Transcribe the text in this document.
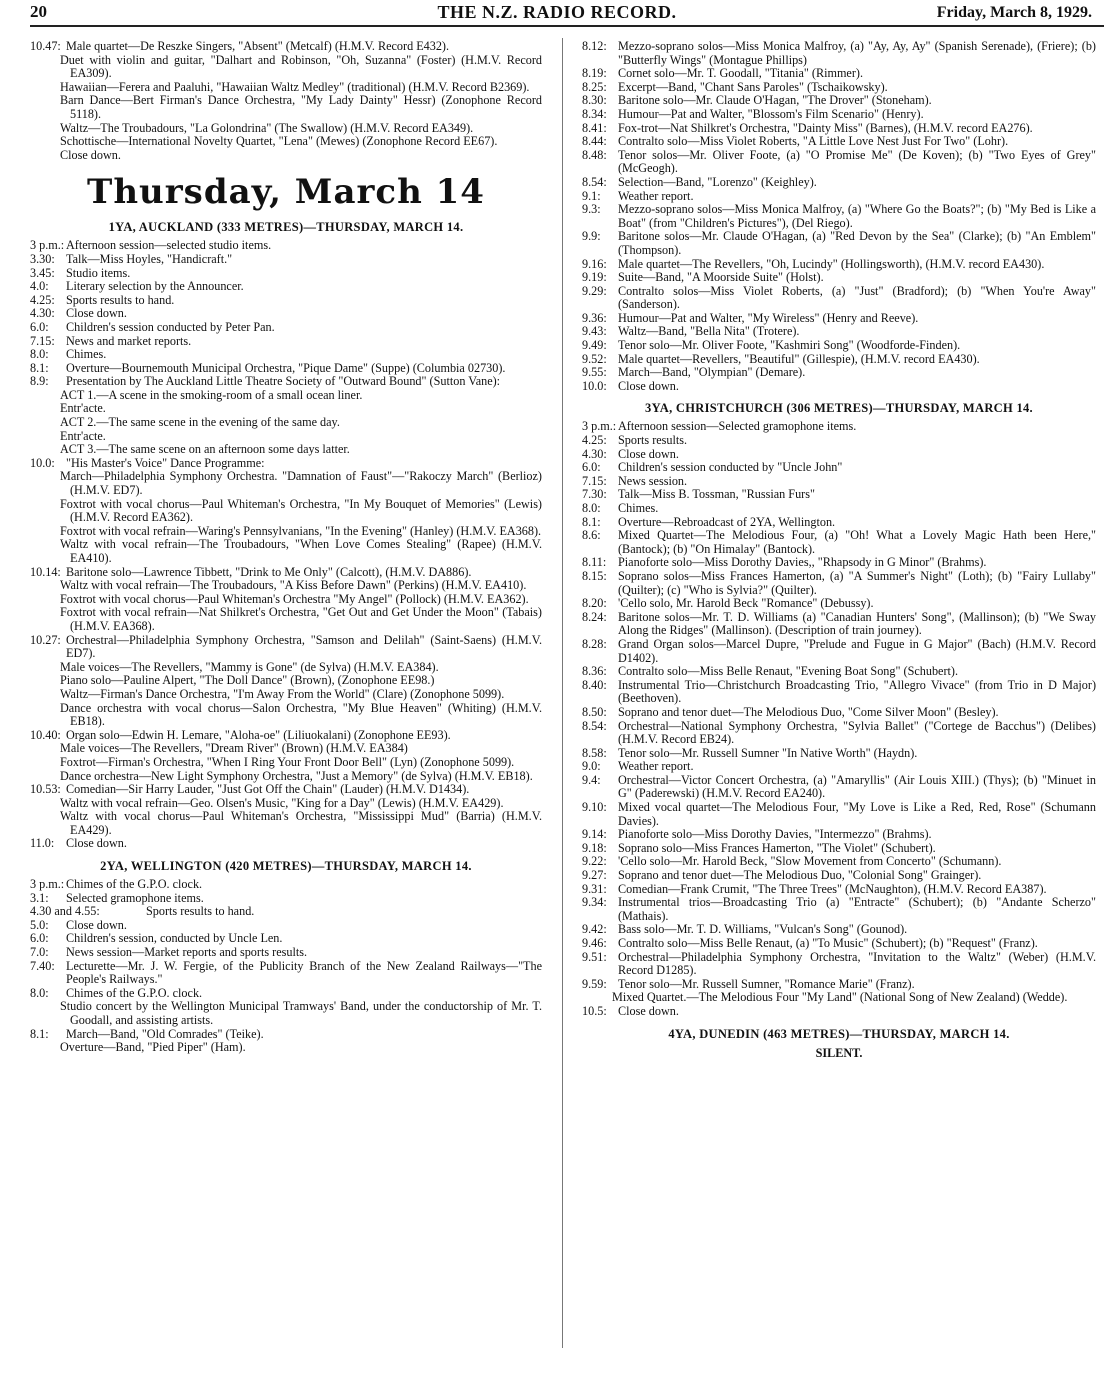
20	THE N.Z. RADIO RECORD.	Friday, March 8, 1929.
10.47: Male quartet—De Reszke Singers, "Absent" (Metcalf) (H.M.V. Record E432).
Duet with violin and guitar, "Dalhart and Robinson, "Oh, Suzanna" (Foster) (H.M.V. Record EA309).
Hawaiian—Ferera and Paaluhi, "Hawaiian Waltz Medley" (traditional) (H.M.V. Record B2369).
Barn Dance—Bert Firman's Dance Orchestra, "My Lady Dainty" Hessr) (Zonophone Record 5118).
Waltz—The Troubadours, "La Golondrina" (The Swallow) (H.M.V. Record EA349).
Schottische—International Novelty Quartet, "Lena" (Mewes) (Zonophone Record EE67).
Close down.
Thursday, March 14
1YA, AUCKLAND (333 METRES)—THURSDAY, MARCH 14.
3 p.m.: Afternoon session—selected studio items.
3.30: Talk—Miss Hoyles, "Handicraft."
3.45: Studio items.
4.0:	Literary selection by the Announcer.
4.25: Sports results to hand.
4.30: Close down.
6.0:	Children's session conducted by Peter Pan.
7.15: News and market reports.
8.0:	Chimes.
8.1:	Overture—Bournemouth Municipal Orchestra, "Pique Dame" (Suppe) (Columbia 02730).
8.9:	Presentation by The Auckland Little Theatre Society of "Outward Bound" (Sutton Vane):
ACT 1.—A scene in the smoking-room of a small ocean liner.
Entr'acte.
ACT 2.—The same scene in the evening of the same day.
Entr'acte.
ACT 3.—The same scene on an afternoon some days latter.
10.0: "His Master's Voice" Dance Programme:
March—Philadelphia Symphony Orchestra. "Damnation of Faust"—"Rakoczy March" (Berlioz) (H.M.V. ED7).
Foxtrot with vocal chorus—Paul Whiteman's Orchestra, "In My Bouquet of Memories" (Lewis) (H.M.V. Record EA362).
Foxtrot with vocal refrain—Waring's Pennsylvanians, "In the Evening" (Hanley) (H.M.V. EA368).
Waltz with vocal refrain—The Troubadours, "When Love Comes Stealing" (Rapee) (H.M.V. EA410).
10.14: Baritone solo—Lawrence Tibbett, "Drink to Me Only" (Calcott), (H.M.V. DA886).
Waltz with vocal refrain—The Troubadours, "A Kiss Before Dawn" (Perkins) (H.M.V. EA410).
Foxtrot with vocal chorus—Paul Whiteman's Orchestra "My Angel" (Pollock) (H.M.V. EA362).
Foxtrot with vocal refrain—Nat Shilkret's Orchestra, "Get Out and Get Under the Moon" (Tabais) (H.M.V. EA368).
10.27: Orchestral—Philadelphia Symphony Orchestra, "Samson and Delilah" (Saint-Saens) (H.M.V. ED7).
Male voices—The Revellers, "Mammy is Gone" (de Sylva) (H.M.V. EA384).
Piano solo—Pauline Alpert, "The Doll Dance" (Brown), (Zonophone EE98.)
Waltz—Firman's Dance Orchestra, "I'm Away From the World" (Clare) (Zonophone 5099).
Dance orchestra with vocal chorus—Salon Orchestra, "My Blue Heaven" (Whiting) (H.M.V. EB18).
10.40: Organ solo—Edwin H. Lemare, "Aloha-oe" (Liliuokalani) (Zonophone EE93).
Male voices—The Revellers, "Dream River" (Brown) (H.M.V. EA384)
Foxtrot—Firman's Orchestra, "When I Ring Your Front Door Bell" (Lyn) (Zonophone 5099).
Dance orchestra—New Light Symphony Orchestra, "Just a Memory" (de Sylva) (H.M.V. EB18).
10.53: Comedian—Sir Harry Lauder, "Just Got Off the Chain" (Lauder) (H.M.V. D1434).
Waltz with vocal refrain—Geo. Olsen's Music, "King for a Day" (Lewis) (H.M.V. EA429).
Waltz with vocal chorus—Paul Whiteman's Orchestra, "Mississippi Mud" (Barria) (H.M.V. EA429).
11.0: Close down.
2YA, WELLINGTON (420 METRES)—THURSDAY, MARCH 14.
3 p.m.: Chimes of the G.P.O. clock.
3.1:	Selected gramophone items.
4.30 and 4.55:	Sports results to hand.
5.0:	Close down.
6.0:	Children's session, conducted by Uncle Len.
7.0:	News session—Market reports and sports results.
7.40: Lecturette—Mr. J. W. Fergie, of the Publicity Branch of the New Zealand Railways—"The People's Railways."
8.0:	Chimes of the G.P.O. clock.
Studio concert by the Wellington Municipal Tramways' Band, under the conductorship of Mr. T. Goodall, and assisting artists.
8.1:	March—Band, "Old Comrades" (Teike).
Overture—Band, "Pied Piper" (Ham).
8.12: Mezzo-soprano solos—Miss Monica Malfroy, (a) "Ay, Ay, Ay" (Spanish Serenade), (Friere); (b) "Butterfly Wings" (Montague Phillips)
8.19: Cornet solo—Mr. T. Goodall, "Titania" (Rimmer).
8.25: Excerpt—Band, "Chant Sans Paroles" (Tschaikowsky).
8.30: Baritone solo—Mr. Claude O'Hagan, "The Drover" (Stoneham).
8.34: Humour—Pat and Walter, "Blossom's Film Scenario" (Henry).
8.41: Fox-trot—Nat Shilkret's Orchestra, "Dainty Miss" (Barnes), (H.M.V. record EA276).
8.44: Contralto solo—Miss Violet Roberts, "A Little Love Nest Just For Two" (Lohr).
8.48: Tenor solos—Mr. Oliver Foote, (a) "O Promise Me" (De Koven); (b) "Two Eyes of Grey" (McGeogh).
8.54: Selection—Band, "Lorenzo" (Keighley).
9.1:	Weather report.
9.3:	Mezzo-soprano solos—Miss Monica Malfroy, (a) "Where Go the Boats?"; (b) "My Bed is Like a Boat" (from "Children's Pictures"), (Del Riego).
9.9:	Baritone solos—Mr. Claude O'Hagan, (a) "Red Devon by the Sea" (Clarke); (b) "An Emblem" (Thompson).
9.16: Male quartet—The Revellers, "Oh, Lucindy" (Hollingsworth), (H.M.V. record EA430).
9.19: Suite—Band, "A Moorside Suite" (Holst).
9.29: Contralto solos—Miss Violet Roberts, (a) "Just" (Bradford); (b) "When You're Away" (Sanderson).
9.36: Humour—Pat and Walter, "My Wireless" (Henry and Reeve).
9.43: Waltz—Band, "Bella Nita" (Trotere).
9.49: Tenor solo—Mr. Oliver Foote, "Kashmiri Song" (Woodforde-Finden).
9.52: Male quartet—Revellers, "Beautiful" (Gillespie), (H.M.V. record EA430).
9.55: March—Band, "Olympian" (Demare).
10.0: Close down.
3YA, CHRISTCHURCH (306 METRES)—THURSDAY, MARCH 14.
3 p.m.: Afternoon session—Selected gramophone items.
4.25: Sports results.
4.30: Close down.
6.0:	Children's session conducted by "Uncle John"
7.15: News session.
7.30: Talk—Miss B. Tossman, "Russian Furs"
8.0:	Chimes.
8.1:	Overture—Rebroadcast of 2YA, Wellington.
8.6:	Mixed Quartet—The Melodious Four, (a) "Oh! What a Lovely Magic Hath been Here," (Bantock); (b) "On Himalay" (Bantock).
8.11: Pianoforte solo—Miss Dorothy Davies,, "Rhapsody in G Minor" (Brahms).
8.15: Soprano solos—Miss Frances Hamerton, (a) "A Summer's Night" (Loth); (b) "Fairy Lullaby" (Quilter); (c) "Who is Sylvia?" (Quilter).
8.20: 'Cello solo, Mr. Harold Beck "Romance" (Debussy).
8.24: Baritone solos—Mr. T. D. Williams (a) "Canadian Hunters' Song", (Mallinson); (b) "We Sway Along the Ridges" (Mallinson). (Description of train journey).
8.28: Grand Organ solos—Marcel Dupre, "Prelude and Fugue in G Major" (Bach) (H.M.V. Record D1402).
8.36: Contralto solo—Miss Belle Renaut, "Evening Boat Song" (Schubert).
8.40: Instrumental Trio—Christchurch Broadcasting Trio, "Allegro Vivace" (from Trio in D Major) (Beethoven).
8.50: Soprano and tenor duet—The Melodious Duo, "Come Silver Moon" (Besley).
8.54: Orchestral—National Symphony Orchestra, "Sylvia Ballet" ("Cortege de Bacchus") (Delibes) (H.M.V. Record EB24).
8.58: Tenor solo—Mr. Russell Sumner "In Native Worth" (Haydn).
9.0:	Weather report.
9.4:	Orchestral—Victor Concert Orchestra, (a) "Amaryllis" (Air Louis XIII.) (Thys); (b) "Minuet in G" (Paderewski) (H.M.V. Record EA240).
9.10: Mixed vocal quartet—The Melodious Four, "My Love is Like a Red, Red, Rose" (Schumann Davies).
9.14: Pianoforte solo—Miss Dorothy Davies, "Intermezzo" (Brahms).
9.18: Soprano solo—Miss Frances Hamerton, "The Violet" (Schubert).
9.22: 'Cello solo—Mr. Harold Beck, "Slow Movement from Concerto" (Schumann).
9.27: Soprano and tenor duet—The Melodious Duo, "Colonial Song" Grainger).
9.31: Comedian—Frank Crumit, "The Three Trees" (McNaughton), (H.M.V. Record EA387).
9.34: Instrumental trios—Broadcasting Trio (a) "Entracte" (Schubert); (b) "Andante Scherzo" (Mathais).
9.42: Bass solo—Mr. T. D. Williams, "Vulcan's Song" (Gounod).
9.46: Contralto solo—Miss Belle Renaut, (a) "To Music" (Schubert); (b) "Request" (Franz).
9.51: Orchestral—Philadelphia Symphony Orchestra, "Invitation to the Waltz" (Weber) (H.M.V. Record D1285).
9.59: Tenor solo—Mr. Russell Sumner, "Romance Marie" (Franz).
Mixed Quartet.—The Melodious Four "My Land" (National Song of New Zealand) (Wedde).
10.5: Close down.
4YA, DUNEDIN (463 METRES)—THURSDAY, MARCH 14.
SILENT.
